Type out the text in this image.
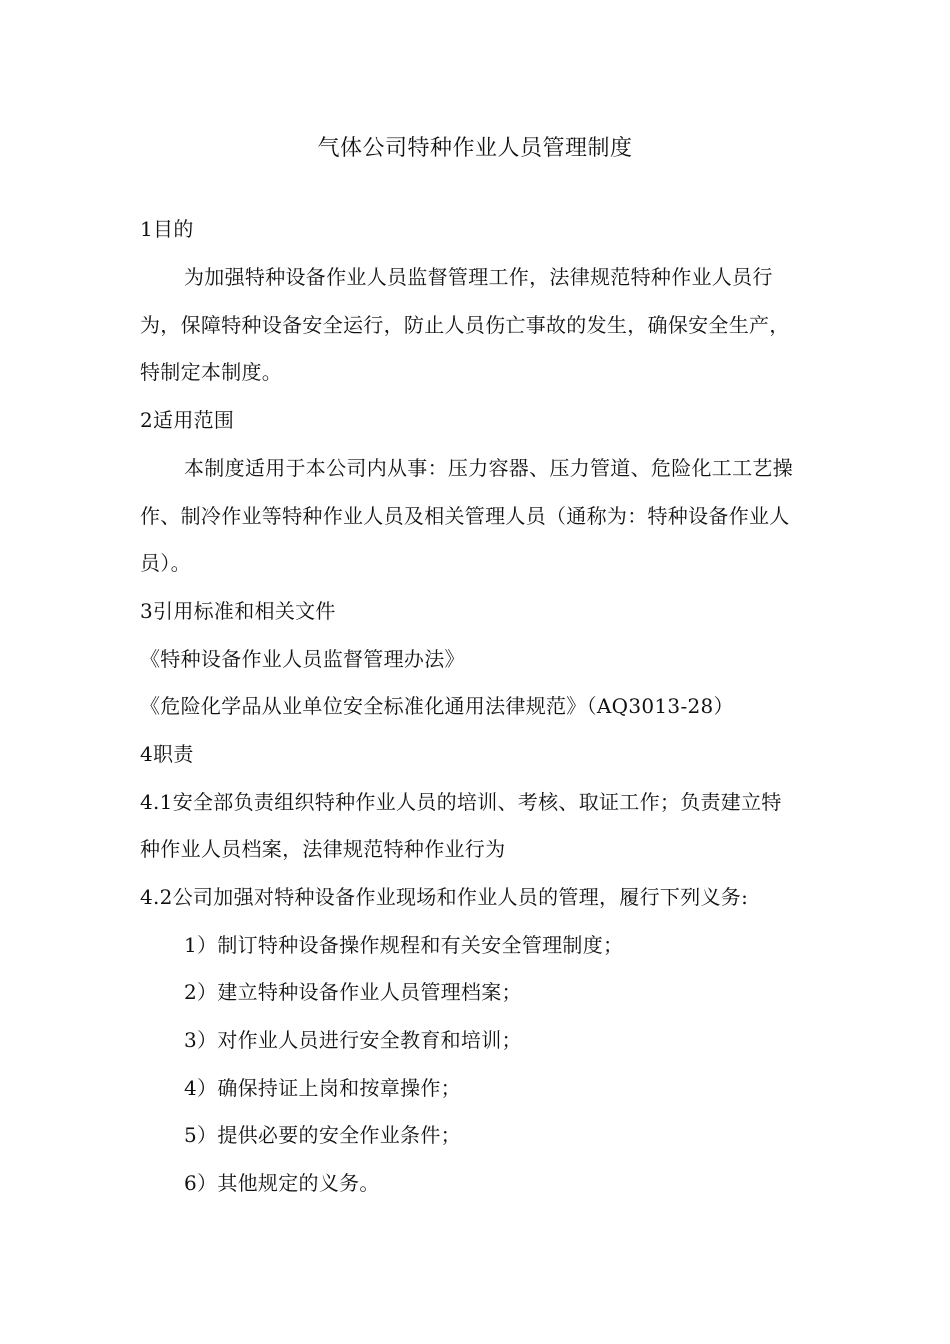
气体公司特种作业人员管理制度
1目的
为加强特种设备作业人员监督管理工作，法律规范特种作业人员行
为，保障特种设备安全运行，防止人员伤亡事故的发生，确保安全生产，
特制定本制度。
2适用范围
本制度适用于本公司内从事：压力容器、压力管道、危险化工工艺操
作、制冷作业等特种作业人员及相关管理人员（通称为：特种设备作业人
员）。
3引用标准和相关文件
《特种设备作业人员监督管理办法》
《危险化学品从业单位安全标准化通用法律规范》（AQ3013-28）
4职责
4.1安全部负责组织特种作业人员的培训、考核、取证工作；负责建立特
种作业人员档案，法律规范特种作业行为
4.2公司加强对特种设备作业现场和作业人员的管理，履行下列义务:
1）制订特种设备操作规程和有关安全管理制度；
2）建立特种设备作业人员管理档案；
3）对作业人员进行安全教育和培训；
4）确保持证上岗和按章操作；
5）提供必要的安全作业条件；
6）其他规定的义务。
